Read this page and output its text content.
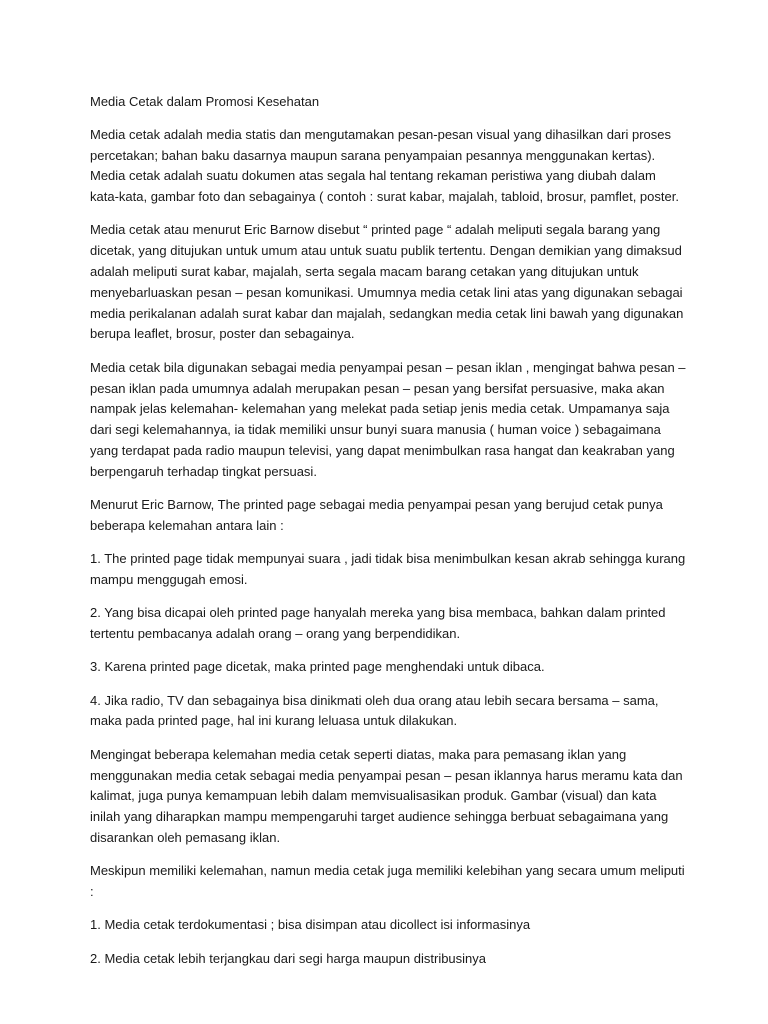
Media Cetak dalam Promosi Kesehatan

Media cetak adalah media statis dan mengutamakan pesan-pesan visual yang dihasilkan dari proses percetakan; bahan baku dasarnya maupun sarana penyampaian pesannya menggunakan kertas). Media cetak adalah suatu dokumen atas segala hal tentang rekaman peristiwa yang diubah dalam kata-kata, gambar foto dan sebagainya ( contoh : surat kabar, majalah, tabloid, brosur, pamflet, poster.

Media cetak atau menurut Eric Barnow disebut “ printed page “ adalah meliputi segala barang yang dicetak, yang ditujukan untuk umum atau untuk suatu publik tertentu. Dengan demikian yang dimaksud adalah meliputi surat kabar, majalah, serta segala macam barang cetakan yang ditujukan untuk menyebarluaskan pesan – pesan komunikasi. Umumnya media cetak lini atas yang digunakan sebagai media perikalanan adalah surat kabar dan majalah, sedangkan media cetak lini bawah yang digunakan berupa leaflet, brosur, poster dan sebagainya.

Media cetak bila digunakan sebagai media penyampai pesan – pesan iklan , mengingat bahwa pesan – pesan iklan pada umumnya adalah merupakan pesan – pesan yang bersifat persuasive, maka akan nampak jelas kelemahan- kelemahan yang melekat pada setiap jenis media cetak. Umpamanya saja dari segi kelemahannya, ia tidak memiliki unsur bunyi suara manusia ( human voice ) sebagaimana yang terdapat pada radio maupun televisi, yang dapat menimbulkan rasa hangat dan keakraban yang berpengaruh terhadap tingkat persuasi.

Menurut Eric Barnow, The printed page sebagai media penyampai pesan yang berujud cetak punya beberapa kelemahan antara lain :

1. The printed page tidak mempunyai suara , jadi tidak bisa menimbulkan kesan akrab sehingga kurang mampu menggugah emosi.

2. Yang bisa dicapai oleh printed page hanyalah mereka yang bisa membaca, bahkan dalam printed tertentu pembacanya adalah orang – orang yang berpendidikan.

3. Karena printed page dicetak, maka printed page menghendaki untuk dibaca.

4. Jika radio, TV dan sebagainya bisa dinikmati oleh dua orang atau lebih secara bersama – sama, maka pada printed page, hal ini kurang leluasa untuk dilakukan.

Mengingat beberapa kelemahan media cetak seperti diatas, maka para pemasang iklan yang menggunakan media cetak sebagai media penyampai pesan – pesan iklannya harus meramu kata dan kalimat, juga punya kemampuan lebih dalam memvisualisasikan produk. Gambar (visual) dan kata inilah yang diharapkan mampu mempengaruhi target audience sehingga berbuat sebagaimana yang disarankan oleh pemasang iklan.

Meskipun memiliki kelemahan, namun media cetak juga memiliki kelebihan yang secara umum meliputi :

1. Media cetak terdokumentasi ; bisa disimpan atau dicollect isi informasinya

2. Media cetak lebih terjangkau dari segi harga maupun distribusinya
